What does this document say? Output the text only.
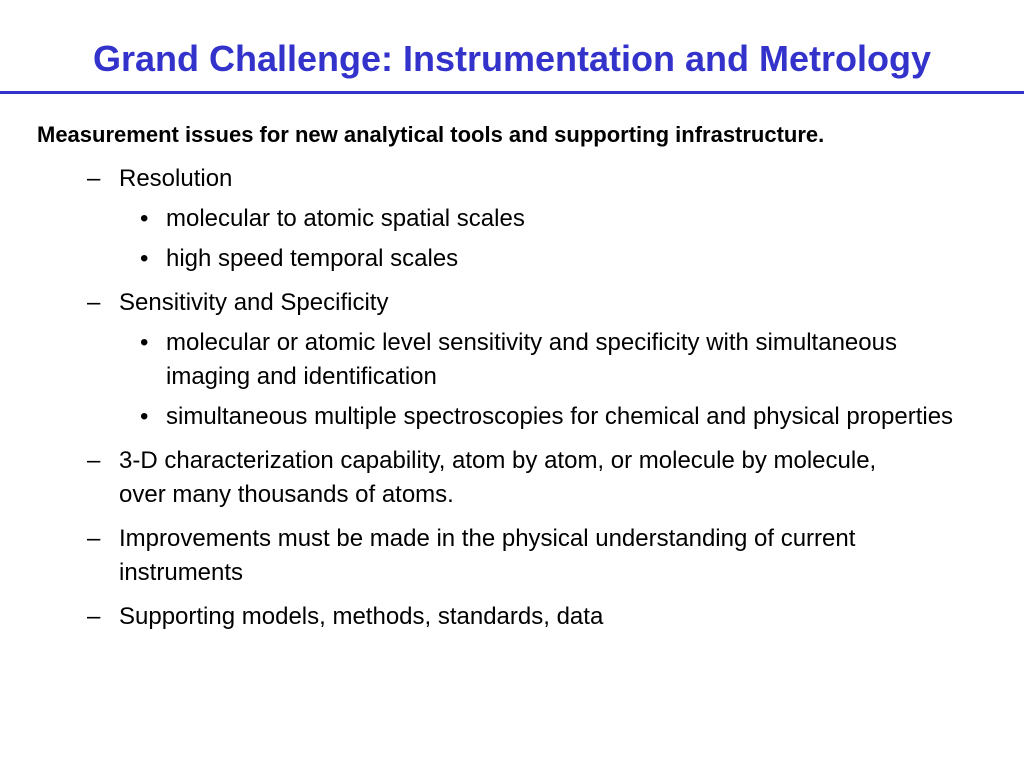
Grand Challenge: Instrumentation and Metrology
Measurement issues for new analytical tools and supporting infrastructure.
– Resolution
• molecular to atomic spatial scales
• high speed temporal scales
– Sensitivity and Specificity
• molecular or atomic level sensitivity and specificity with simultaneous imaging and identification
• simultaneous multiple spectroscopies for chemical and physical properties
– 3-D characterization capability, atom by atom, or molecule by molecule, over many thousands of atoms.
– Improvements must be made in the physical understanding of current instruments
– Supporting models, methods, standards, data
